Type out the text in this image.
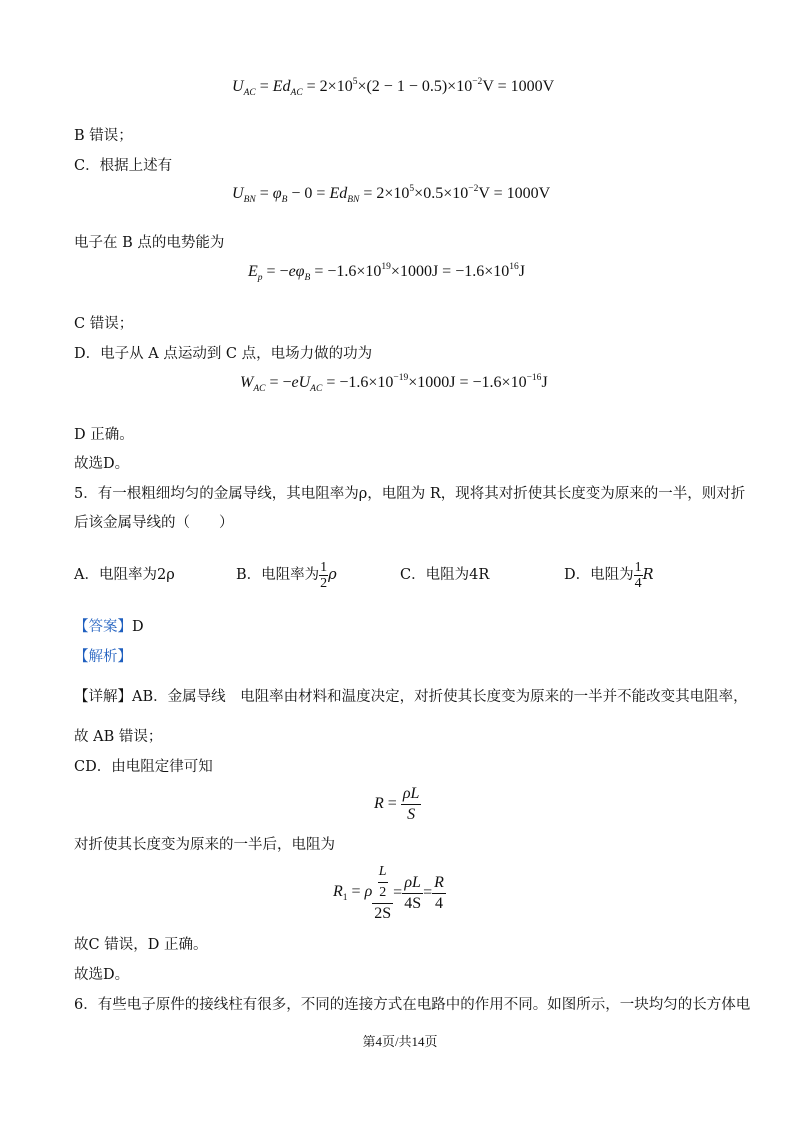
$U_{AC} = Ed_{AC} = 2\times 10^5\times(2 - 1 - 0.5)\times 10^{-2}V = 1000V$
B 错误；
C．根据上述有
$U_{BN} = \varphi_B - 0 = Ed_{BN} = 2\times 10^5\times 0.5\times 10^{-2}V = 1000V$
电子在 B 点的电势能为
$E_p = -e\varphi_B = -1.6\times 10^{19}\times 1000J = -1.6\times 10^{16}J$
C 错误；
D．电子从 A 点运动到 C 点，电场力做的功为
$W_{AC} = -eU_{AC} = -1.6\times 10^{-19}\times 1000J = -1.6\times 10^{-16}J$
D 正确。
故选D。
5．有一根粗细均匀的金属导线，其电阻率为ρ，电阻为 R，现将其对折使其长度变为原来的一半，则对折
后该金属导线的（　　）
A．电阻率为2ρ	B．电阻率为 $\frac{1}{2}$ ρ	C．电阻为4R	D．电阻为 $\frac{1}{4}$ R
【答案】D
【解析】
【详解】AB．金属导线　电阻率由材料和温度决定，对折使其长度变为原来的一半并不能改变其电阻率，
故 AB 错误；
CD．由电阻定律可知
$R = \frac{\rho L}{S}$
对折使其长度变为原来的一半后，电阻为
$R_1 = \rho \frac{\frac{L}{2}}{2S} = \frac{\rho L}{4S} = \frac{R}{4}$
故C 错误，D 正确。
故选D。
6．有些电子原件的接线柱有很多，不同的连接方式在电路中的作用不同。如图所示，一块均匀的长方体电
第4页/共14页
